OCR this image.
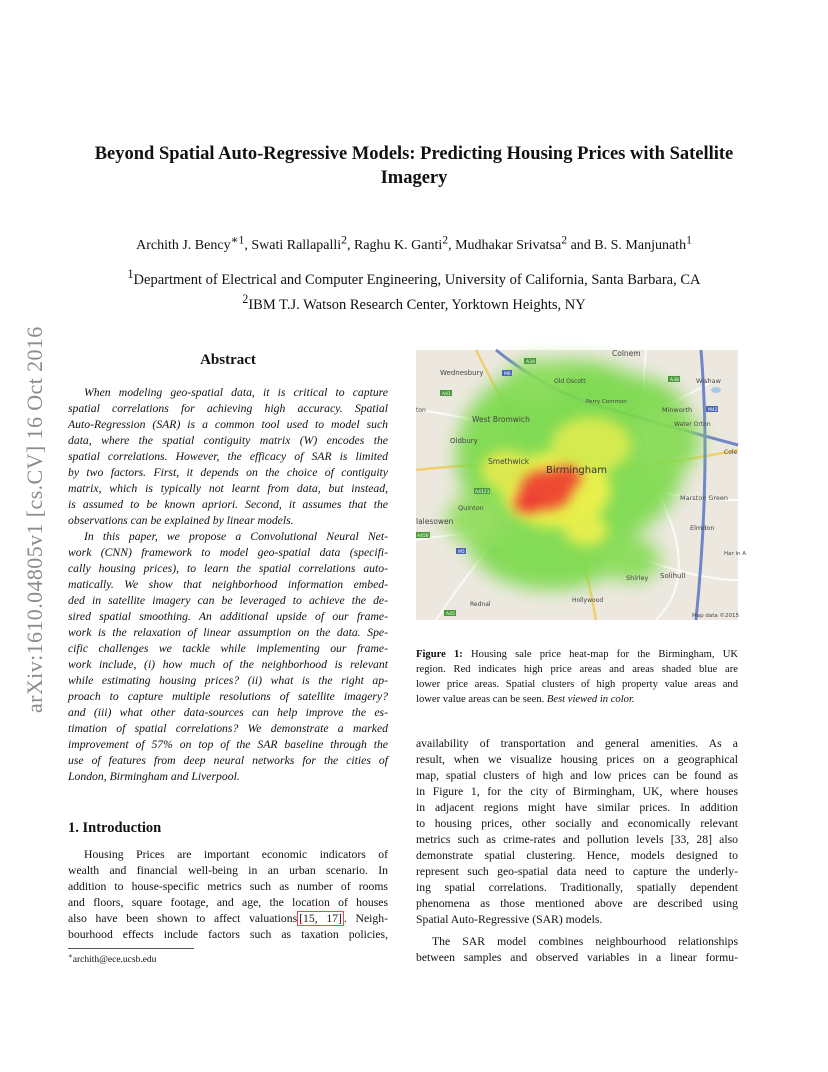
arXiv:1610.04805v1 [cs.CV] 16 Oct 2016
Beyond Spatial Auto-Regressive Models: Predicting Housing Prices with Satellite
Imagery
Archith J. Bency$^{∗1}$, Swati Rallapalli$^2$, Raghu K. Ganti$^2$, Mudhakar Srivatsa$^2$ and B. S. Manjunath$^1$
$^1$Department of Electrical and Computer Engineering, University of California, Santa Barbara, CA
$^2$IBM T.J. Watson Research Center, Yorktown Heights, NY
Abstract
When modeling geo-spatial data, it is critical to capture
spatial correlations for achieving high accuracy. Spatial
Auto-Regression (SAR) is a common tool used to model such
data, where the spatial contiguity matrix (W) encodes the
spatial correlations. However, the efficacy of SAR is limited
by two factors. First, it depends on the choice of contiguity
matrix, which is typically not learnt from data, but instead,
is assumed to be known apriori. Second, it assumes that the
observations can be explained by linear models.
In this paper, we propose a Convolutional Neural Net-
work (CNN) framework to model geo-spatial data (specifi-
cally housing prices), to learn the spatial correlations auto-
matically. We show that neighborhood information embed-
ded in satellite imagery can be leveraged to achieve the de-
sired spatial smoothing. An additional upside of our frame-
work is the relaxation of linear assumption on the data. Spe-
cific challenges we tackle while implementing our frame-
work include, (i) how much of the neighborhood is relevant
while estimating housing prices? (ii) what is the right ap-
proach to capture multiple resolutions of satellite imagery?
and (iii) what other data-sources can help improve the es-
timation of spatial correlations? We demonstrate a marked
improvement of 57% on top of the SAR baseline through the
use of features from deep neural networks for the cities of
London, Birmingham and Liverpool.
1. Introduction
Housing Prices are important economic indicators of
wealth and financial well-being in an urban scenario. In
addition to house-specific metrics such as number of rooms
and floors, square footage, and age, the location of houses
also have been shown to affect valuations [15, 17] . Neigh-
bourhood effects include factors such as taxation policies,
∗archith@ece.ucsb.edu
Colnem
Wednesbury
Old Oscott	Wishaw
Perry Common
Minworth
ton
West Bromwich
Water Orton
Oldbury
Cole
Smethwick
Birmingham
Marston Green
Quinton
lalesowen
Elmdon
Har in A
Shirley Solihull
Hollywood
Rednal
Map data ©2015
M6
M42
M5
A34
A38
A45
A41
A4123
A456
Figure 1: Housing sale price heat-map for the Birmingham, UK
region. Red indicates high price areas and areas shaded blue are
lower price areas. Spatial clusters of high property value areas and
lower value areas can be seen. Best viewed in color.
availability of transportation and general amenities. As a
result, when we visualize housing prices on a geographical
map, spatial clusters of high and low prices can be found as
in Figure 1, for the city of Birmingham, UK, where houses
in adjacent regions might have similar prices. In addition
to housing prices, other socially and economically relevant
metrics such as crime-rates and pollution levels [33, 28] also
demonstrate spatial clustering. Hence, models designed to
represent such geo-spatial data need to capture the underly-
ing spatial correlations. Traditionally, spatially dependent
phenomena as those mentioned above are described using
Spatial Auto-Regressive (SAR) models.
The SAR model combines neighbourhood relationships
between samples and observed variables in a linear formu-
